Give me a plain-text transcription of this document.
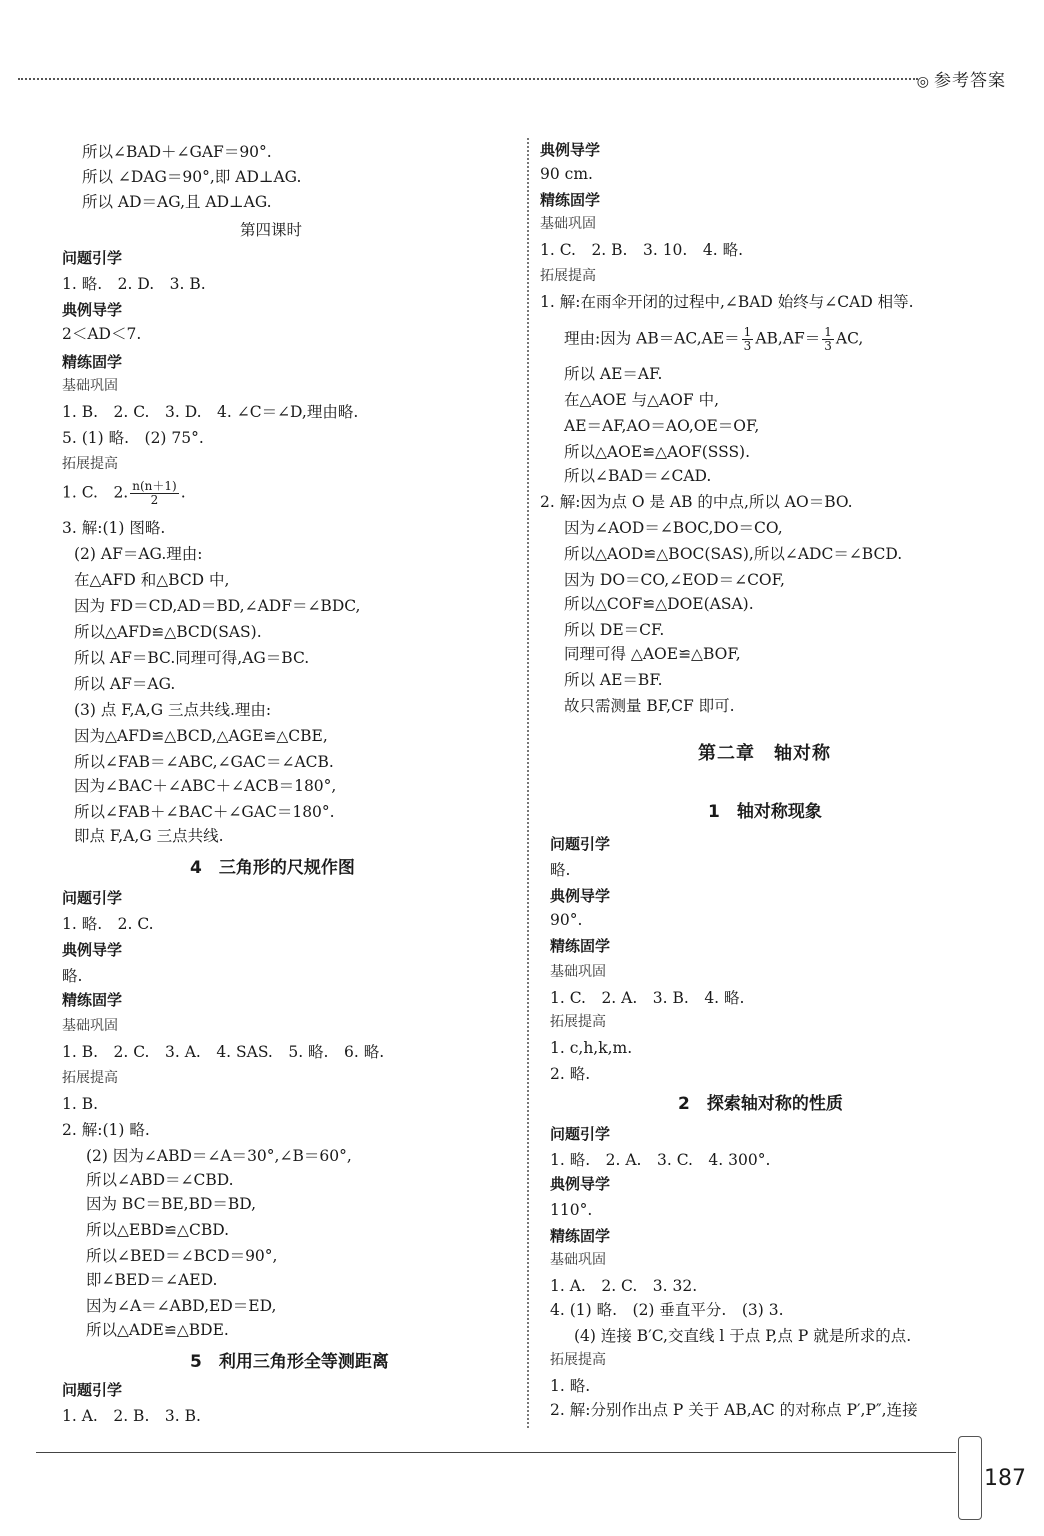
◎ 参考答案
所以∠BAD＋∠GAF＝90°.
所以 ∠DAG＝90°,即 AD⊥AG.
所以 AD＝AG,且 AD⊥AG.
第四课时
问题引学
1. 略.　2. D.　3. B.
典例导学
2＜AD＜7.
精练固学
基础巩固
1. B.　2. C.　3. D.　4. ∠C＝∠D,理由略.
5. (1) 略.　(2) 75°.
拓展提高
1. C.　2. $\frac{n(n+1)}{2}$ .
3. 解:(1) 图略.
(2) AF＝AG.理由:
在△AFD 和△BCD 中,
因为 FD＝CD,AD＝BD,∠ADF＝∠BDC,
所以△AFD≌△BCD(SAS).
所以 AF＝BC.同理可得,AG＝BC.
所以 AF＝AG.
(3) 点 F,A,G 三点共线.理由:
因为△AFD≌△BCD,△AGE≌△CBE,
所以∠FAB＝∠ABC,∠GAC＝∠ACB.
因为∠BAC＋∠ABC＋∠ACB＝180°,
所以∠FAB＋∠BAC＋∠GAC＝180°.
即点 F,A,G 三点共线.
4　三角形的尺规作图
问题引学
1. 略.　2. C.
典例导学
略.
精练固学
基础巩固
1. B.　2. C.　3. A.　4. SAS.　5. 略.　6. 略.
拓展提高
1. B.
2. 解:(1) 略.
(2) 因为∠ABD＝∠A＝30°,∠B＝60°,
所以∠ABD＝∠CBD.
因为 BC＝BE,BD＝BD,
所以△EBD≌△CBD.
所以∠BED＝∠BCD＝90°,
即∠BED＝∠AED.
因为∠A＝∠ABD,ED＝ED,
所以△ADE≌△BDE.
5　利用三角形全等测距离
问题引学
1. A.　2. B.　3. B.
典例导学
90 cm.
精练固学
基础巩固
1. C.　2. B.　3. 10.　4. 略.
拓展提高
1. 解:在雨伞开闭的过程中,∠BAD 始终与∠CAD 相等.
理由:因为 $AB=AC,AE= \frac{1}{3} AB,AF= \frac{1}{3}$ AC,
所以 AE＝AF.
在△AOE 与△AOF 中,
AE＝AF,AO＝AO,OE＝OF,
所以△AOE≌△AOF(SSS).
所以∠BAD＝∠CAD.
2. 解:因为点 O 是 AB 的中点,所以 AO＝BO.
因为∠AOD＝∠BOC,DO＝CO,
所以△AOD≌△BOC(SAS),所以∠ADC＝∠BCD.
因为 DO＝CO,∠EOD＝∠COF,
所以△COF≌△DOE(ASA).
所以 DE＝CF.
同理可得 △AOE≌△BOF,
所以 AE＝BF.
故只需测量 BF,CF 即可.
第二章　轴对称
1　轴对称现象
问题引学
略.
典例导学
90°.
精练固学
基础巩固
1. C.　2. A.　3. B.　4. 略.
拓展提高
1. c,h,k,m.
2. 略.
2　探索轴对称的性质
问题引学
1. 略.　2. A.　3. C.　4. 300°.
典例导学
110°.
精练固学
基础巩固
1. A.　2. C.　3. 32.
4. (1) 略.　(2) 垂直平分.　(3) 3.
(4) 连接 B′C,交直线 l 于点 P,点 P 就是所求的点.
拓展提高
1. 略.
2. 解:分别作出点 P 关于 AB,AC 的对称点 P′,P″,连接
187
